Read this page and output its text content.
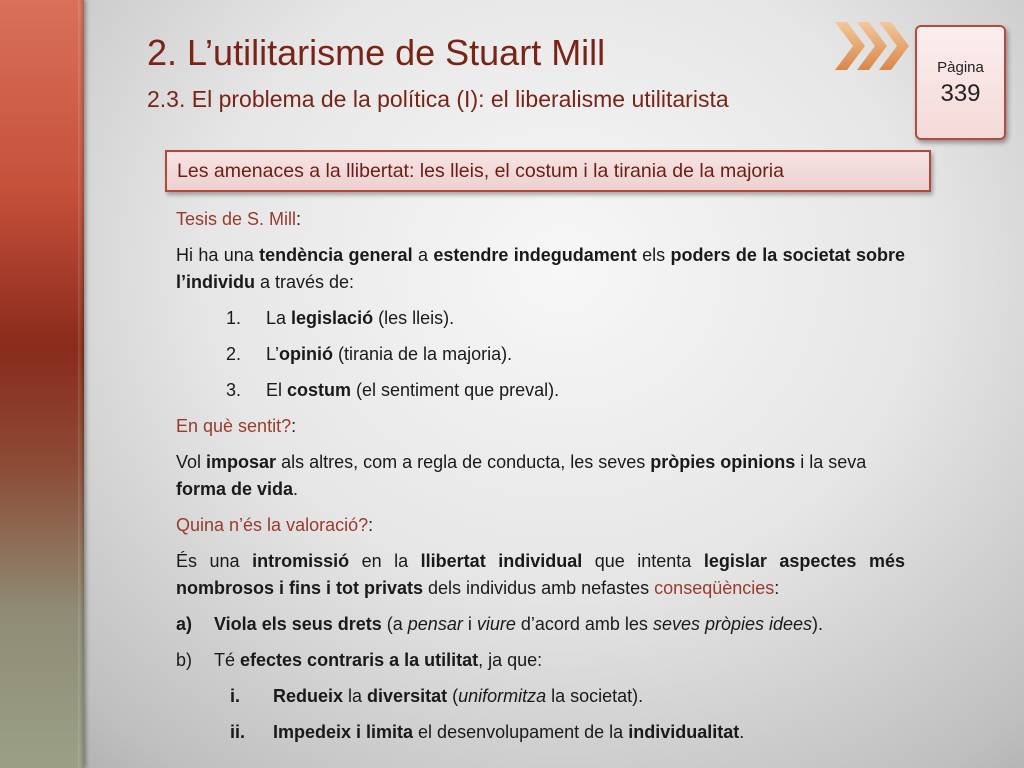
2. L’utilitarisme de Stuart Mill
2.3. El problema de la política (I): el liberalisme utilitarista
Pàgina
339
Les amenaces a la llibertat: les lleis, el costum i la tirania de la majoria

Tesis de S. Mill:

Hi ha una tendència general a estendre indegudament els poders de la societat sobre l’individu a través de:

1.	La legislació (les lleis).
2.	L’opinió (tirania de la majoria).
3.	El costum (el sentiment que preval).

En què sentit?:

Vol imposar als altres, com a regla de conducta, les seves pròpies opinions i la seva forma de vida.

Quina n’és la valoració?:

És una intromissió en la llibertat individual que intenta legislar aspectes més nombrosos i fins i tot privats dels individus amb nefastes conseqüències:

a)	Viola els seus drets (a pensar i viure d’acord amb les seves pròpies idees).
b)	Té efectes contraris a la utilitat, ja que:
i.	Redueix la diversitat (uniformitza la societat).
ii.	Impedeix i limita el desenvolupament de la individualitat.
